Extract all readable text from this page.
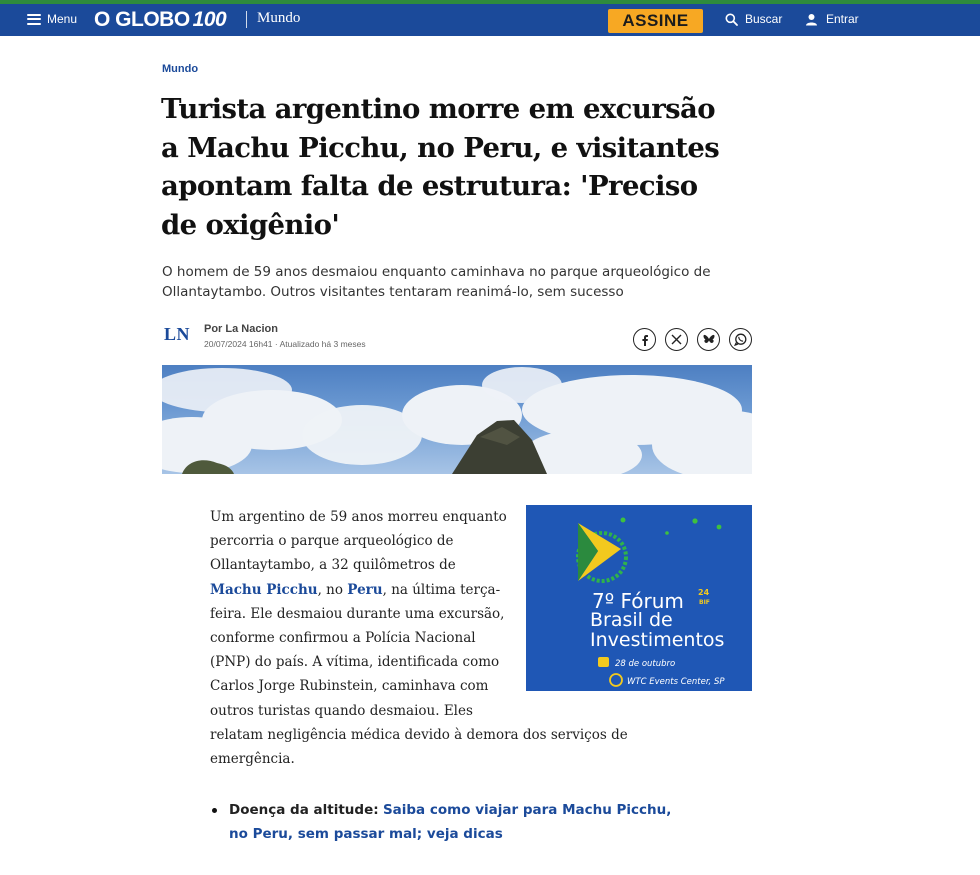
Menu O GLOBO 100 Mundo	ASSINE	Buscar	Entrar
Mundo
Turista argentino morre em excursão a Machu Picchu, no Peru, e visitantes apontam falta de estrutura: 'Preciso de oxigênio'

O homem de 59 anos desmaiou enquanto caminhava no parque arqueológico de Ollantaytambo. Outros visitantes tentaram reanimá-lo, sem sucesso

LN Por La Nacion
20/07/2024 16h41 · Atualizado há 3 meses
7º Fórum 24
BIF
Brasil de
Investimentos
28 de outubro
WTC Events Center, SP
Um argentino de 59 anos morreu enquanto percorria o parque arqueológico de Ollantaytambo, a 32 quilômetros de Machu Picchu, no Peru, na última terça-feira. Ele desmaiou durante uma excursão, conforme confirmou a Polícia Nacional (PNP) do país. A vítima, identificada como Carlos Jorge Rubinstein, caminhava com outros turistas quando desmaiou. Eles relatam negligência médica devido à demora dos serviços de emergência.
Doença da altitude: Saiba como viajar para Machu Picchu, no Peru, sem passar mal; veja dicas
